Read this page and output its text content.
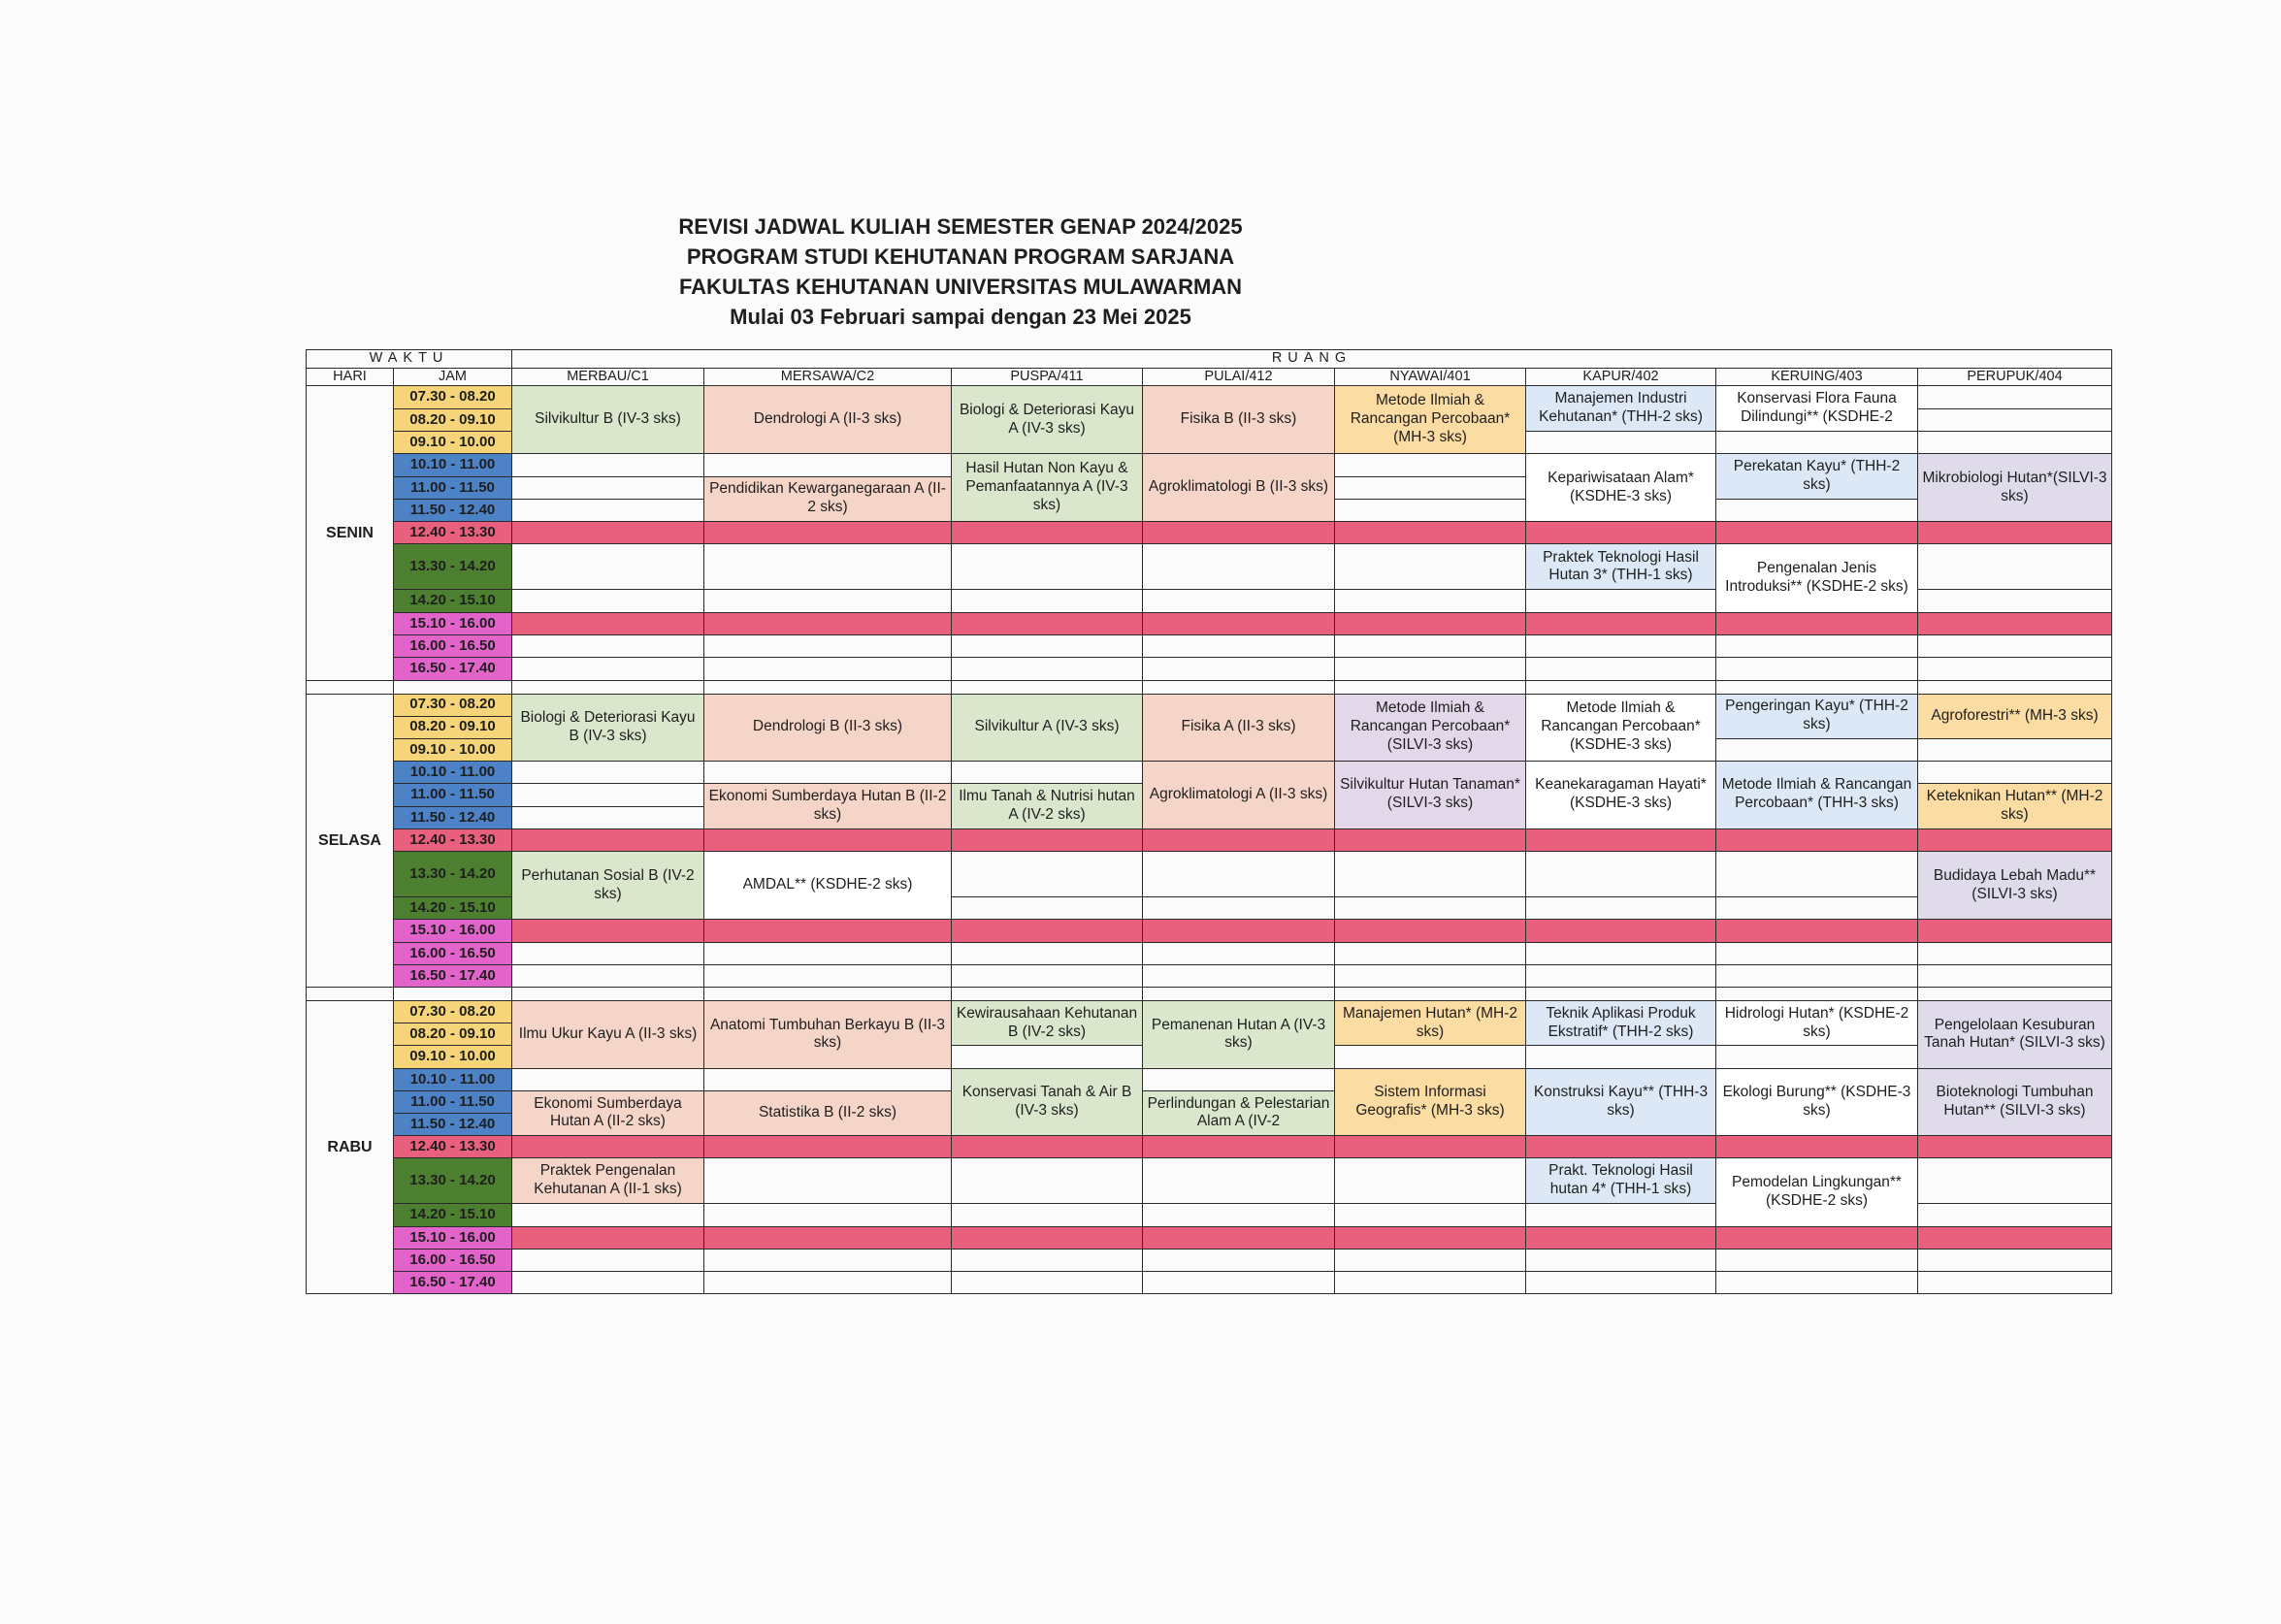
REVISI JADWAL KULIAH SEMESTER GENAP 2024/2025
PROGRAM STUDI KEHUTANAN PROGRAM SARJANA
FAKULTAS KEHUTANAN UNIVERSITAS MULAWARMAN
Mulai 03 Februari sampai dengan 23 Mei 2025
WAKTU		RUANG							
HARI	JAM	MERBAU/C1	MERSAWA/C2	PUSPA/411	PULAI/412	NYAWAI/401	KAPUR/402	KERUING/403	PERUPUK/404
SENIN	07.30 - 08.20	Silvikultur B (IV-3 sks)	Dendrologi A (II-3 sks)	Biologi & Deteriorasi Kayu A (IV-3 sks)	Fisika B (II-3 sks)	Metode Ilmiah & Rancangan Percobaan* (MH-3 sks)	Manajemen Industri Kehutanan* (THH-2 sks)	Konservasi Flora Fauna Dilindungi** (KSDHE-2	
	08.20 - 09.10								
	09.10 - 10.00								
	10.10 - 11.00			Hasil Hutan Non Kayu & Pemanfaatannya A (IV-3 sks)	Agroklimatologi B (II-3 sks)		Kepariwisataan Alam* (KSDHE-3 sks)	Perekatan Kayu* (THH-2 sks)	Mikrobiologi Hutan*(SILVI-3 sks)
	11.00 - 11.50		Pendidikan Kewarganegaraan A (II-2 sks)						
	11.50 - 12.40								
	12.40 - 13.30								
	13.30 - 14.20						Praktek Teknologi Hasil Hutan 3* (THH-1 sks)	Pengenalan Jenis Introduksi** (KSDHE-2 sks)	
	14.20 - 15.10								
	15.10 - 16.00								
	16.00 - 16.50								
	16.50 - 17.40								

SELASA	07.30 - 08.20	Biologi & Deteriorasi Kayu B (IV-3 sks)	Dendrologi B (II-3 sks)	Silvikultur A (IV-3 sks)	Fisika A (II-3 sks)	Metode Ilmiah & Rancangan Percobaan* (SILVI-3 sks)	Metode Ilmiah & Rancangan Percobaan* (KSDHE-3 sks)	Pengeringan Kayu* (THH-2 sks)	Agroforestri** (MH-3 sks)
	08.20 - 09.10								
	09.10 - 10.00								
	10.10 - 11.00				Agroklimatologi A (II-3 sks)	Silvikultur Hutan Tanaman* (SILVI-3 sks)	Keanekaragaman Hayati* (KSDHE-3 sks)	Metode Ilmiah & Rancangan Percobaan* (THH-3 sks)	
	11.00 - 11.50		Ekonomi Sumberdaya Hutan B (II-2 sks)	Ilmu Tanah & Nutrisi hutan A (IV-2 sks)					Keteknikan Hutan** (MH-2 sks)
	11.50 - 12.40								
	12.40 - 13.30								
	13.30 - 14.20	Perhutanan Sosial B (IV-2 sks)	AMDAL** (KSDHE-2 sks)						Budidaya Lebah Madu**(SILVI-3 sks)
	14.20 - 15.10								
	15.10 - 16.00								
	16.00 - 16.50								
	16.50 - 17.40								

RABU	07.30 - 08.20	Ilmu Ukur Kayu A (II-3 sks)	Anatomi Tumbuhan Berkayu B (II-3 sks)	Kewirausahaan Kehutanan B (IV-2 sks)	Pemanenan Hutan A (IV-3 sks)	Manajemen Hutan* (MH-2 sks)	Teknik Aplikasi Produk Ekstratif* (THH-2 sks)	Hidrologi Hutan* (KSDHE-2 sks)	Pengelolaan Kesuburan Tanah Hutan* (SILVI-3 sks)
	08.20 - 09.10								
	09.10 - 10.00								
	10.10 - 11.00			Konservasi Tanah & Air B (IV-3 sks)		Sistem Informasi Geografis* (MH-3 sks)	Konstruksi Kayu** (THH-3 sks)	Ekologi Burung** (KSDHE-3 sks)	Bioteknologi Tumbuhan Hutan** (SILVI-3 sks)
	11.00 - 11.50	Ekonomi Sumberdaya Hutan A (II-2 sks)	Statistika B (II-2 sks)		Perlindungan & Pelestarian Alam A (IV-2				
	11.50 - 12.40								
	12.40 - 13.30								
	13.30 - 14.20	Praktek Pengenalan Kehutanan A (II-1 sks)					Prakt. Teknologi Hasil hutan 4* (THH-1 sks)	Pemodelan Lingkungan** (KSDHE-2 sks)	
	14.20 - 15.10								
	15.10 - 16.00								
	16.00 - 16.50								
	16.50 - 17.40								
